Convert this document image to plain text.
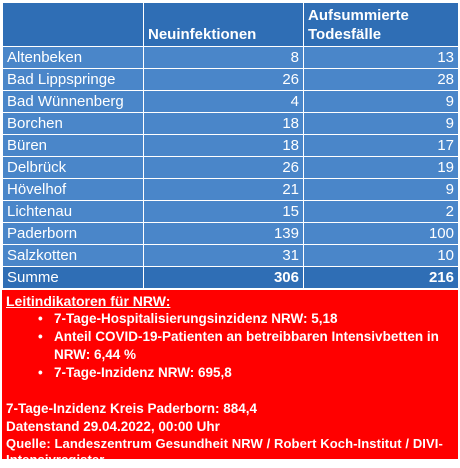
	Neuinfektionen	Aufsummierte Todesfälle
Altenbeken	8	13
Bad Lippspringe	26	28
Bad Wünnenberg	4	9
Borchen	18	9
Büren	18	17
Delbrück	26	19
Hövelhof	21	9
Lichtenau	15	2
Paderborn	139	100
Salzkotten	31	10
Summe	306	216
Leitindikatoren für NRW:
• 7-Tage-Hospitalisierungsinzidenz NRW: 5,18
• Anteil COVID-19-Patienten an betreibbaren Intensivbetten in NRW: 6,44 %
• 7-Tage-Inzidenz NRW: 695,8
7-Tage-Inzidenz Kreis Paderborn: 884,4
Datenstand 29.04.2022, 00:00 Uhr
Quelle: Landeszentrum Gesundheit NRW / Robert Koch-Institut / DIVI-Intensivregister
